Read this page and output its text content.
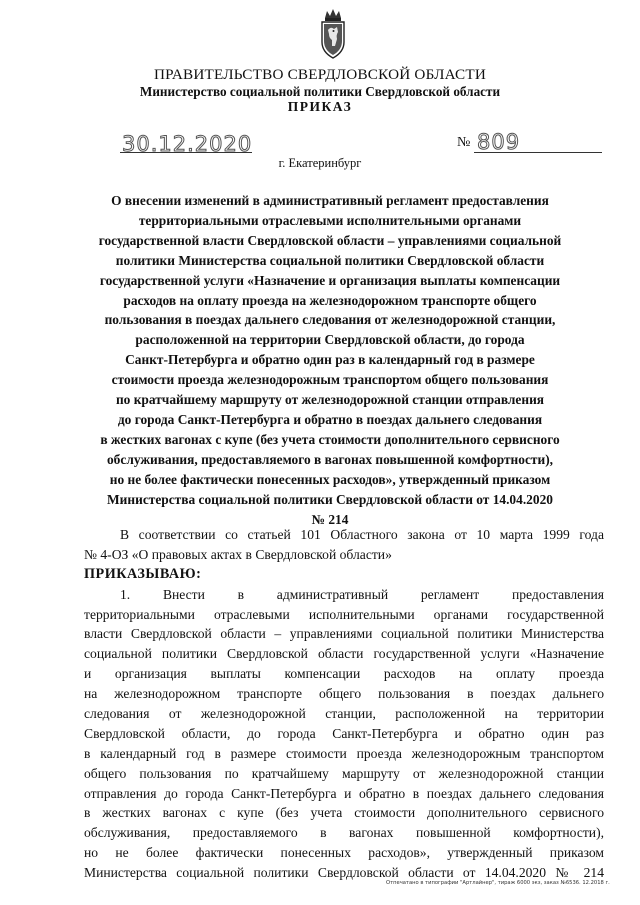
ПРАВИТЕЛЬСТВО СВЕРДЛОВСКОЙ ОБЛАСТИ
Министерство социальной политики Свердловской области
ПРИКАЗ
30.12.2020	№ 809
г. Екатеринбург
О внесении изменений в административный регламент предоставления
территориальными отраслевыми исполнительными органами
государственной власти Свердловской области – управлениями социальной
политики Министерства социальной политики Свердловской области
государственной услуги «Назначение и организация выплаты компенсации
расходов на оплату проезда на железнодорожном транспорте общего
пользования в поездах дальнего следования от железнодорожной станции,
расположенной на территории Свердловской области, до города
Санкт-Петербурга и обратно один раз в календарный год в размере
стоимости проезда железнодорожным транспортом общего пользования
по кратчайшему маршруту от железнодорожной станции отправления
до города Санкт-Петербурга и обратно в поездах дальнего следования
в жестких вагонах с купе (без учета стоимости дополнительного сервисного
обслуживания, предоставляемого в вагонах повышенной комфортности),
но не более фактически понесенных расходов», утвержденный приказом
Министерства социальной политики Свердловской области от 14.04.2020
№ 214
В соответствии со статьей 101 Областного закона от 10 марта 1999 года
№ 4-ОЗ «О правовых актах в Свердловской области»
ПРИКАЗЫВАЮ:
1. Внести в административный регламент предоставления
территориальными отраслевыми исполнительными органами государственной
власти Свердловской области – управлениями социальной политики Министерства
социальной политики Свердловской области государственной услуги «Назначение
и организация выплаты компенсации расходов на оплату проезда
на железнодорожном транспорте общего пользования в поездах дальнего
следования от железнодорожной станции, расположенной на территории
Свердловской области, до города Санкт-Петербурга и обратно один раз
в календарный год в размере стоимости проезда железнодорожным транспортом
общего пользования по кратчайшему маршруту от железнодорожной станции
отправления до города Санкт-Петербурга и обратно в поездах дальнего следования
в жестких вагонах с купе (без учета стоимости дополнительного сервисного
обслуживания, предоставляемого в вагонах повышенной комфортности),
но не более фактически понесенных расходов», утвержденный приказом
Министерства социальной политики Свердловской области от 14.04.2020 № 214
Отпечатано в типографии "Артлайнер", тираж 6000 экз, заказ №6536. 12.2018 г.
